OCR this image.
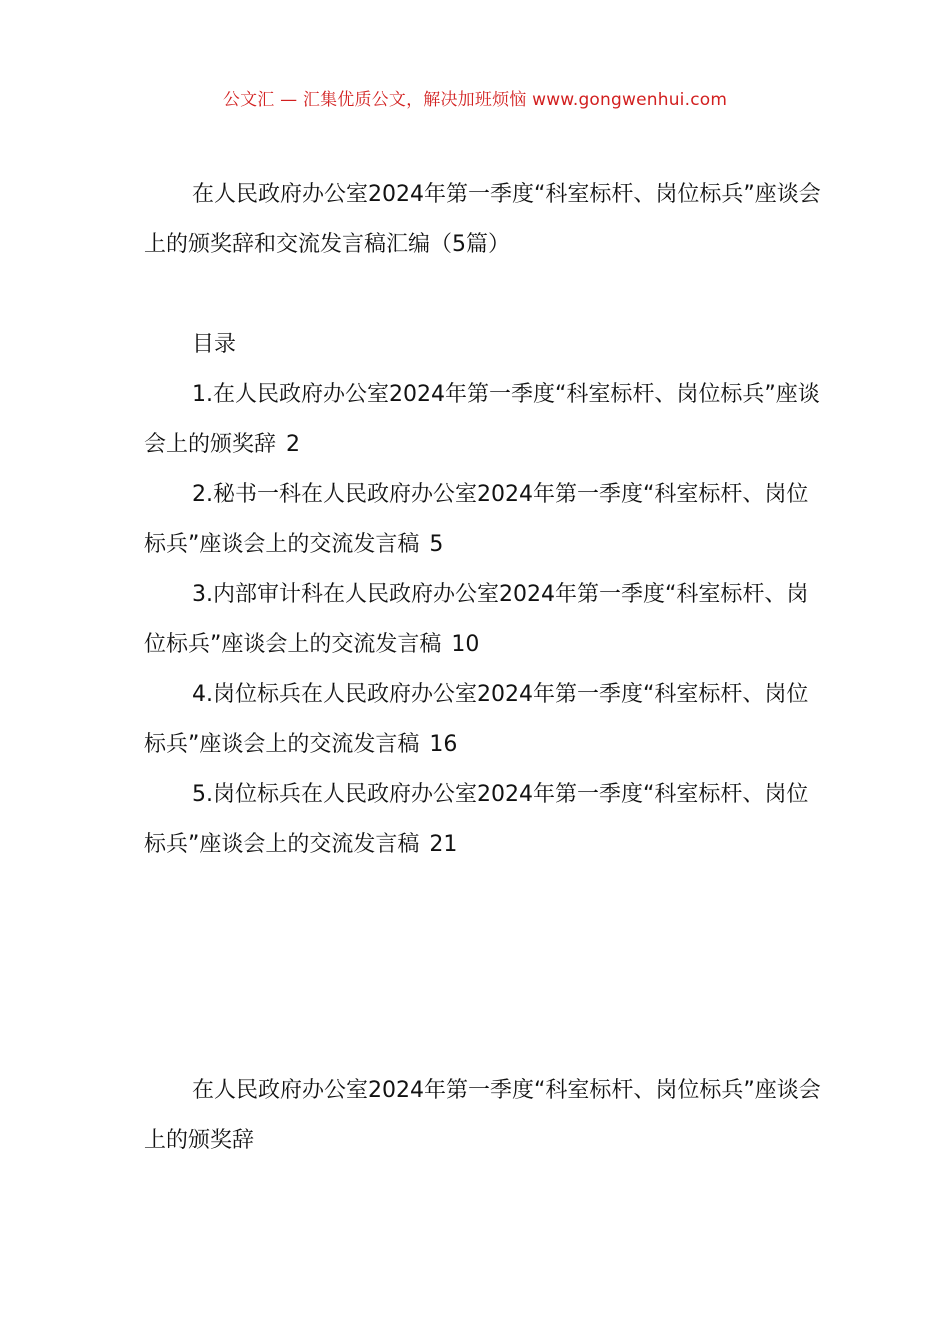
公文汇 — 汇集优质公文，解决加班烦恼 www.gongwenhui.com

在人民政府办公室2024年第一季度“科室标杆、岗位标兵”座谈会上的颁奖辞和交流发言稿汇编（5篇）

目录

1.在人民政府办公室2024年第一季度“科室标杆、岗位标兵”座谈会上的颁奖辞 2

2.秘书一科在人民政府办公室2024年第一季度“科室标杆、岗位标兵”座谈会上的交流发言稿 5

3.内部审计科在人民政府办公室2024年第一季度“科室标杆、岗位标兵”座谈会上的交流发言稿 10

4.岗位标兵在人民政府办公室2024年第一季度“科室标杆、岗位标兵”座谈会上的交流发言稿 16

5.岗位标兵在人民政府办公室2024年第一季度“科室标杆、岗位标兵”座谈会上的交流发言稿 21

在人民政府办公室2024年第一季度“科室标杆、岗位标兵”座谈会上的颁奖辞
